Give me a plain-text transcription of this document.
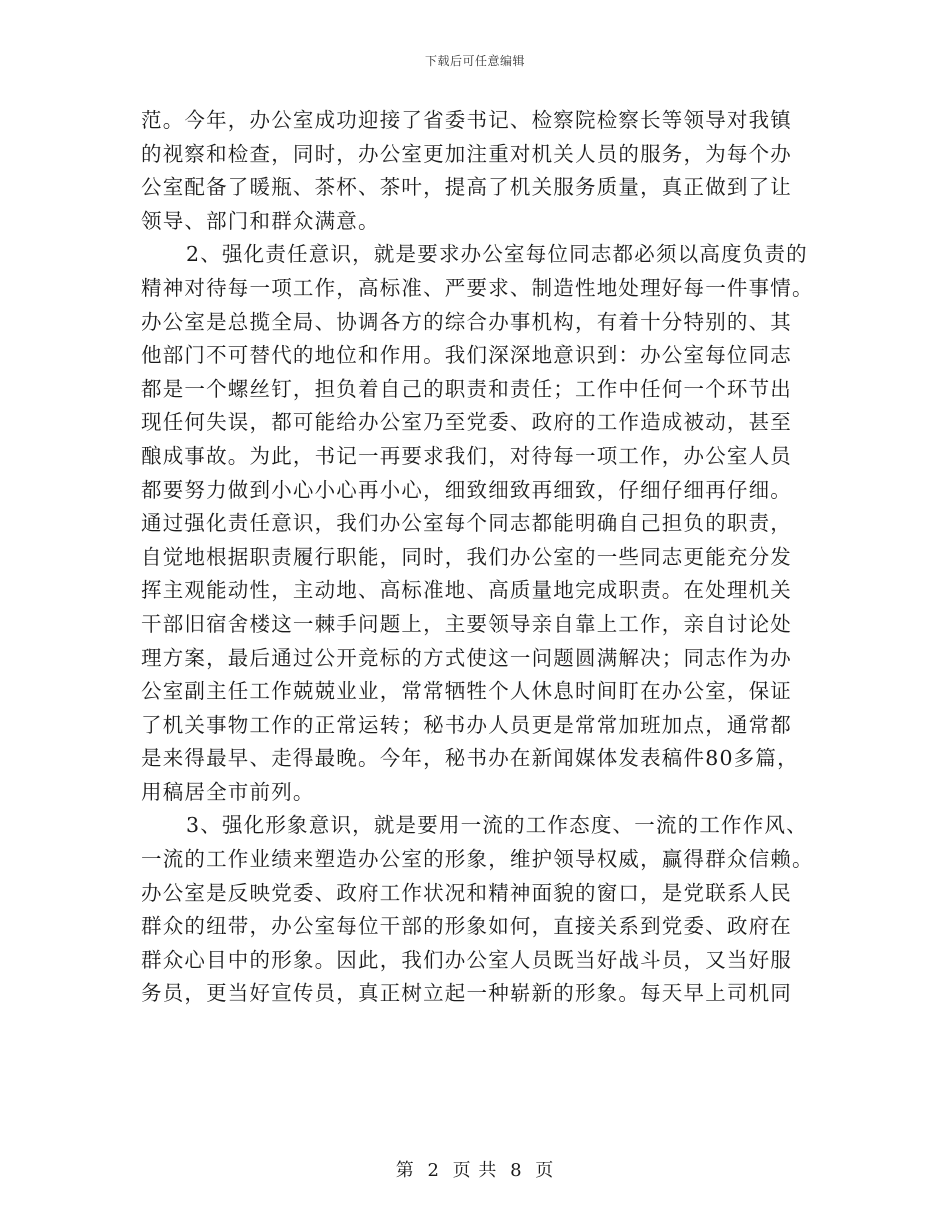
下载后可任意编辑
范。今年，办公室成功迎接了省委书记、检察院检察长等领导对我镇
的视察和检查，同时，办公室更加注重对机关人员的服务，为每个办
公室配备了暖瓶、茶杯、茶叶，提高了机关服务质量，真正做到了让
领导、部门和群众满意。
2、强化责任意识，就是要求办公室每位同志都必须以高度负责的
精神对待每一项工作，高标准、严要求、制造性地处理好每一件事情。
办公室是总揽全局、协调各方的综合办事机构，有着十分特别的、其
他部门不可替代的地位和作用。我们深深地意识到：办公室每位同志
都是一个螺丝钉，担负着自己的职责和责任；工作中任何一个环节出
现任何失误，都可能给办公室乃至党委、政府的工作造成被动，甚至
酿成事故。为此，书记一再要求我们，对待每一项工作，办公室人员
都要努力做到小心小心再小心，细致细致再细致，仔细仔细再仔细。
通过强化责任意识，我们办公室每个同志都能明确自己担负的职责，
自觉地根据职责履行职能，同时，我们办公室的一些同志更能充分发
挥主观能动性，主动地、高标准地、高质量地完成职责。在处理机关
干部旧宿舍楼这一棘手问题上，主要领导亲自靠上工作，亲自讨论处
理方案，最后通过公开竞标的方式使这一问题圆满解决；同志作为办
公室副主任工作兢兢业业，常常牺牲个人休息时间盯在办公室，保证
了机关事物工作的正常运转；秘书办人员更是常常加班加点，通常都
是来得最早、走得最晚。今年，秘书办在新闻媒体发表稿件80多篇，
用稿居全市前列。
3、强化形象意识，就是要用一流的工作态度、一流的工作作风、
一流的工作业绩来塑造办公室的形象，维护领导权威，赢得群众信赖。
办公室是反映党委、政府工作状况和精神面貌的窗口，是党联系人民
群众的纽带，办公室每位干部的形象如何，直接关系到党委、政府在
群众心目中的形象。因此，我们办公室人员既当好战斗员，又当好服
务员，更当好宣传员，真正树立起一种崭新的形象。每天早上司机同
第 2 页 共 8 页
